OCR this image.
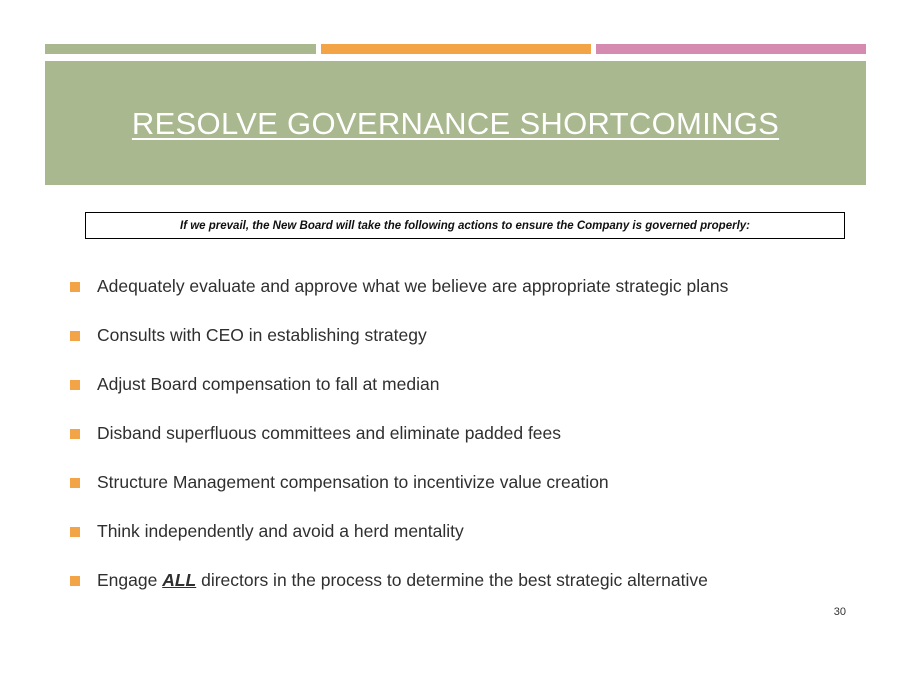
RESOLVE GOVERNANCE SHORTCOMINGS
If we prevail, the New Board will take the following actions to ensure the Company is governed properly:
Adequately evaluate and approve what we believe are appropriate strategic plans
Consults with CEO in establishing strategy
Adjust Board compensation to fall at median
Disband superfluous committees and eliminate padded fees
Structure Management compensation to incentivize value creation
Think independently and avoid a herd mentality
Engage ALL directors in the process to determine the best strategic alternative
30
